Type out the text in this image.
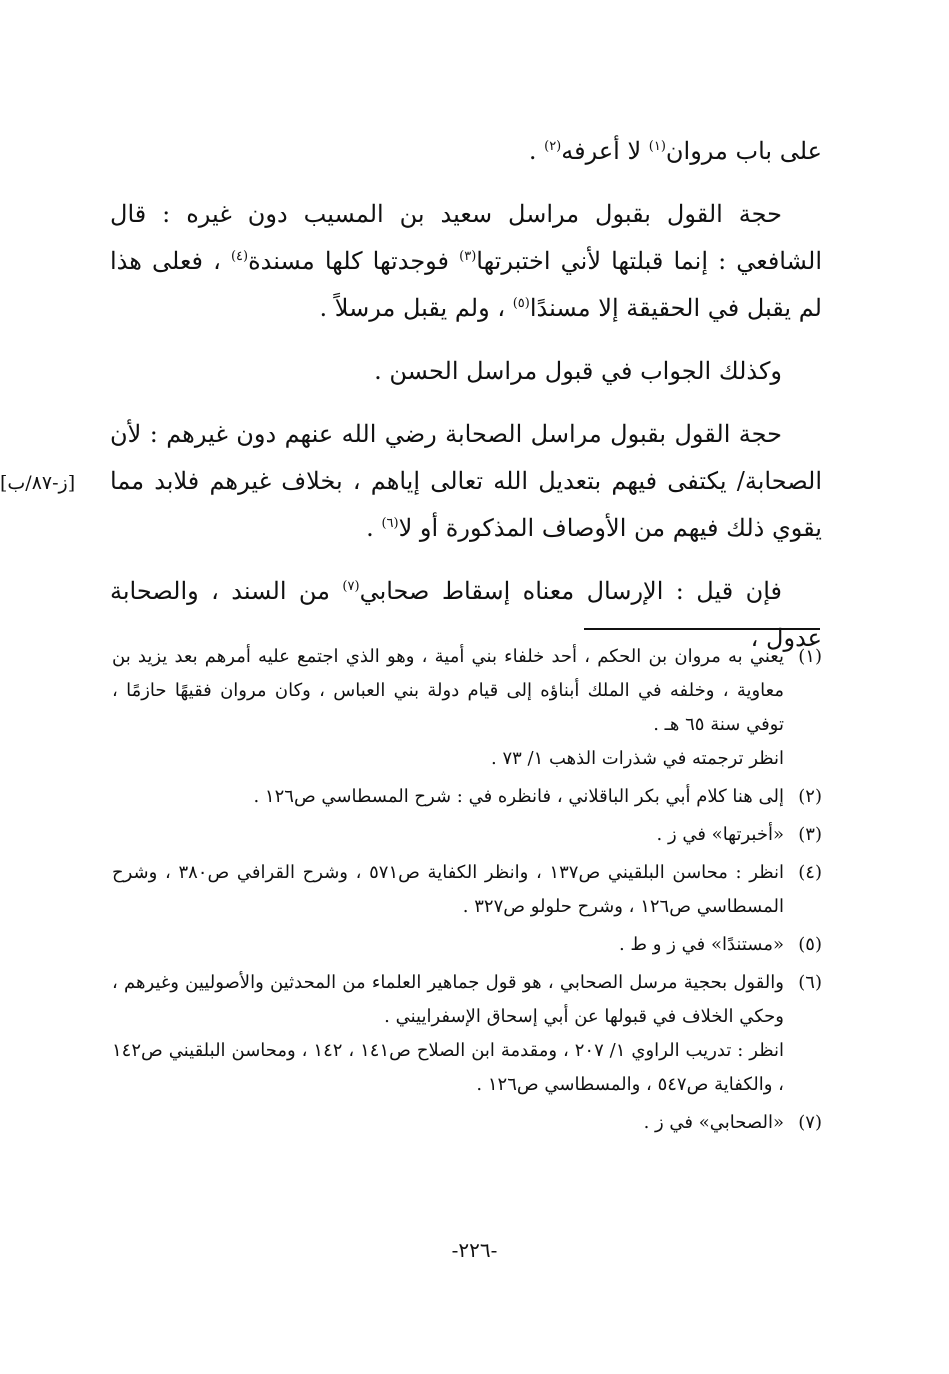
على باب مروان$^{(١)}$ لا أعرفه$^{(٢)}$ .

حجة القول بقبول مراسل سعيد بن المسيب دون غيره : قال الشافعي : إنما قبلتها لأني اختبرتها$^{(٣)}$ فوجدتها كلها مسندة$^{(٤)}$ ، فعلى هذا لم يقبل في الحقيقة إلا مسندًا$^{(٥)}$ ، ولم يقبل مرسلاً .

وكذلك الجواب في قبول مراسل الحسن .

حجة القول بقبول مراسل الصحابة رضي الله عنهم دون غيرهم : لأن الصحابة/ يكتفى فيهم بتعديل الله تعالى إياهم ، بخلاف غيرهم فلابد مما يقوي ذلك فيهم من الأوصاف المذكورة أو لا$^{(٦)}$ .

فإن قيل : الإرسال معناه إسقاط صحابي$^{(٧)}$ من السند ، والصحابة عدول ،

[ز-٨٧/ب]
(١)
يعني به مروان بن الحكم ، أحد خلفاء بني أمية ، وهو الذي اجتمع عليه أمرهم بعد يزيد بن معاوية ، وخلفه في الملك أبناؤه إلى قيام دولة بني العباس ، وكان مروان فقيهًا حازمًا ، توفي سنة ٦٥ هـ .
انظر ترجمته في شذرات الذهب ١/ ٧٣ .
(٢)
إلى هنا كلام أبي بكر الباقلاني ، فانظره في : شرح المسطاسي ص١٢٦ .
(٣)
«أخبرتها» في ز .
(٤)
انظر : محاسن البلقيني ص١٣٧ ، وانظر الكفاية ص٥٧١ ، وشرح القرافي ص٣٨٠ ، وشرح المسطاسي ص١٢٦ ، وشرح حلولو ص٣٢٧ .
(٥)
«مستندًا» في ز و ط .
(٦)
والقول بحجية مرسل الصحابي ، هو قول جماهير العلماء من المحدثين والأصوليين وغيرهم ، وحكي الخلاف في قبولها عن أبي إسحاق الإسفراييني .
انظر : تدريب الراوي ١/ ٢٠٧ ، ومقدمة ابن الصلاح ص١٤١ ، ١٤٢ ، ومحاسن البلقيني ص١٤٢ ، والكفاية ص٥٤٧ ، والمسطاسي ص١٢٦ .
(٧)
«الصحابي» في ز .
-٢٢٦-
